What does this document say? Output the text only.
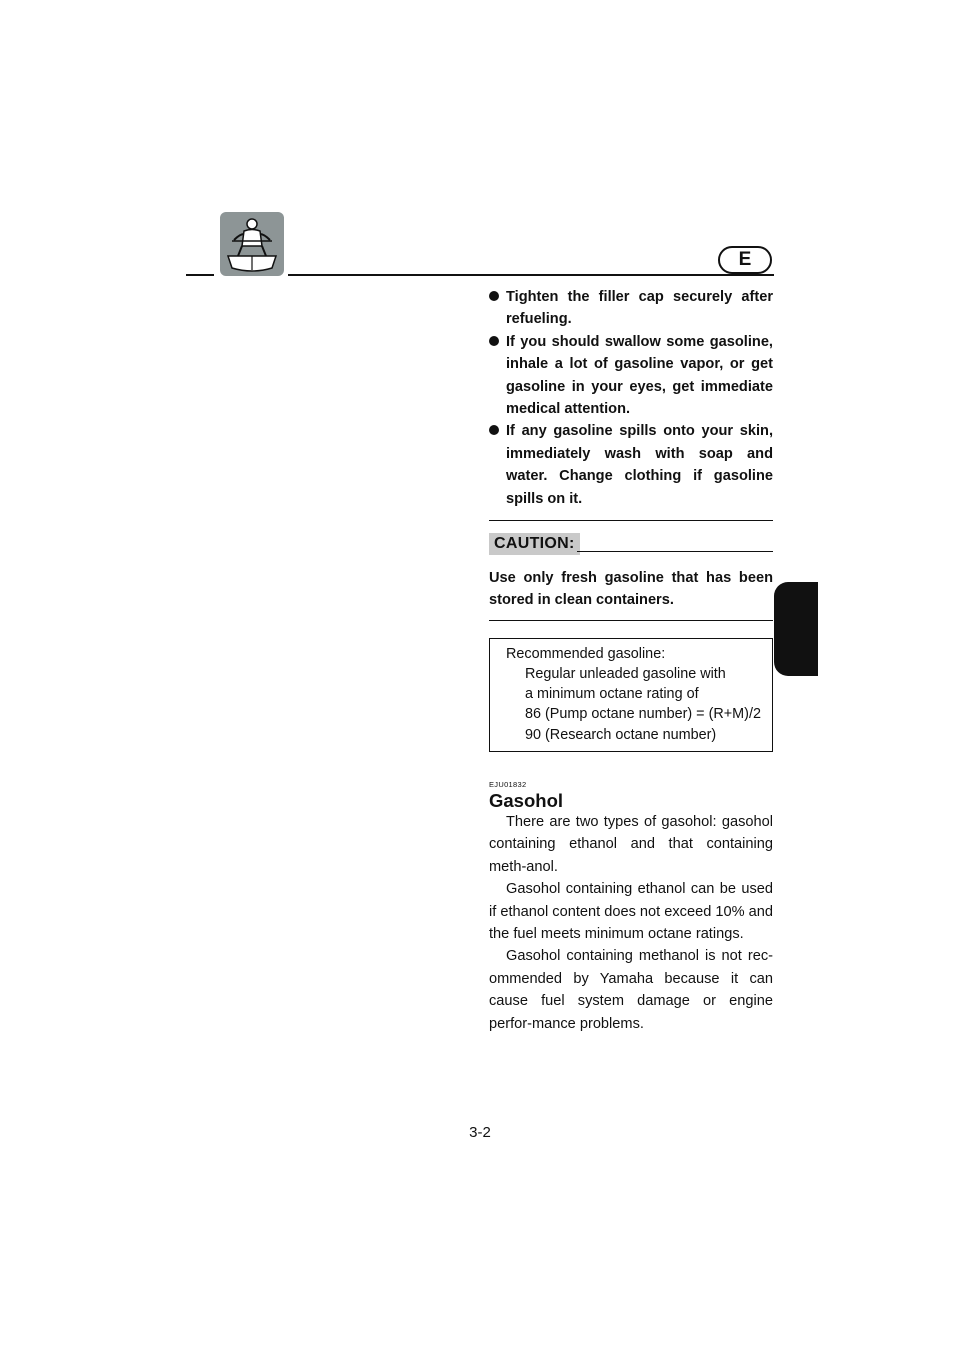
E
Tighten the filler cap securely after refueling.
If you should swallow some gasoline, inhale a lot of gasoline vapor, or get gasoline in your eyes, get immediate medical attention.
If any gasoline spills onto your skin, immediately wash with soap and water. Change clothing if gasoline spills on it.
CAUTION:

Use only fresh gasoline that has been stored in clean containers.

Recommended gasoline:

Regular unleaded gasoline with

a minimum octane rating of

86 (Pump octane number) = (R+M)/2

90 (Research octane number)

EJU01832
Gasohol

There are two types of gasohol: gasohol containing ethanol and that containing meth-anol.

Gasohol containing ethanol can be used if ethanol content does not exceed 10% and the fuel meets minimum octane ratings.

Gasohol containing methanol is not rec-ommended by Yamaha because it can cause fuel system damage or engine perfor-mance problems.

3-2
